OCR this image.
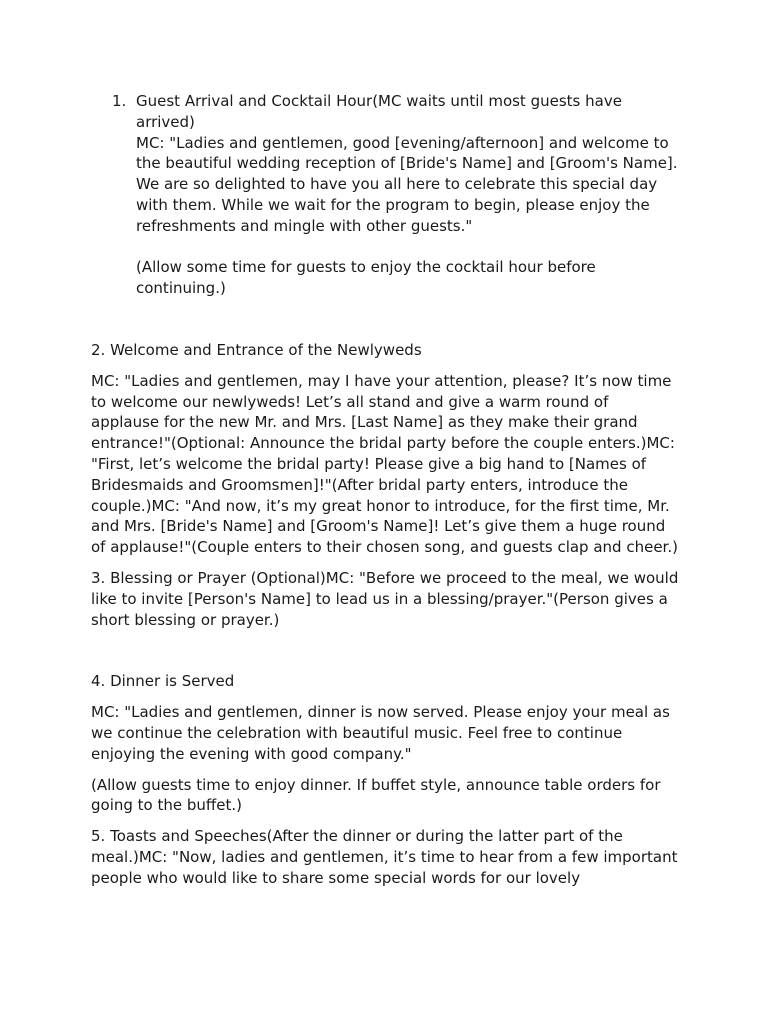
1. Guest Arrival and Cocktail Hour(MC waits until most guests have arrived)

MC: "Ladies and gentlemen, good [evening/afternoon] and welcome to the beautiful wedding reception of [Bride's Name] and [Groom's Name]. We are so delighted to have you all here to celebrate this special day with them. While we wait for the program to begin, please enjoy the refreshments and mingle with other guests."

(Allow some time for guests to enjoy the cocktail hour before continuing.)

2. Welcome and Entrance of the Newlyweds

MC: "Ladies and gentlemen, may I have your attention, please? It’s now time to welcome our newlyweds! Let’s all stand and give a warm round of applause for the new Mr. and Mrs. [Last Name] as they make their grand entrance!"(Optional: Announce the bridal party before the couple enters.)MC: "First, let’s welcome the bridal party! Please give a big hand to [Names of Bridesmaids and Groomsmen]!"(After bridal party enters, introduce the couple.)MC: "And now, it’s my great honor to introduce, for the first time, Mr. and Mrs. [Bride's Name] and [Groom's Name]! Let’s give them a huge round of applause!"(Couple enters to their chosen song, and guests clap and cheer.)

3. Blessing or Prayer (Optional)MC: "Before we proceed to the meal, we would like to invite [Person's Name] to lead us in a blessing/prayer."(Person gives a short blessing or prayer.)

4. Dinner is Served

MC: "Ladies and gentlemen, dinner is now served. Please enjoy your meal as we continue the celebration with beautiful music. Feel free to continue enjoying the evening with good company."

(Allow guests time to enjoy dinner. If buffet style, announce table orders for going to the buffet.)

5. Toasts and Speeches(After the dinner or during the latter part of the meal.)MC: "Now, ladies and gentlemen, it’s time to hear from a few important people who would like to share some special words for our lovely
